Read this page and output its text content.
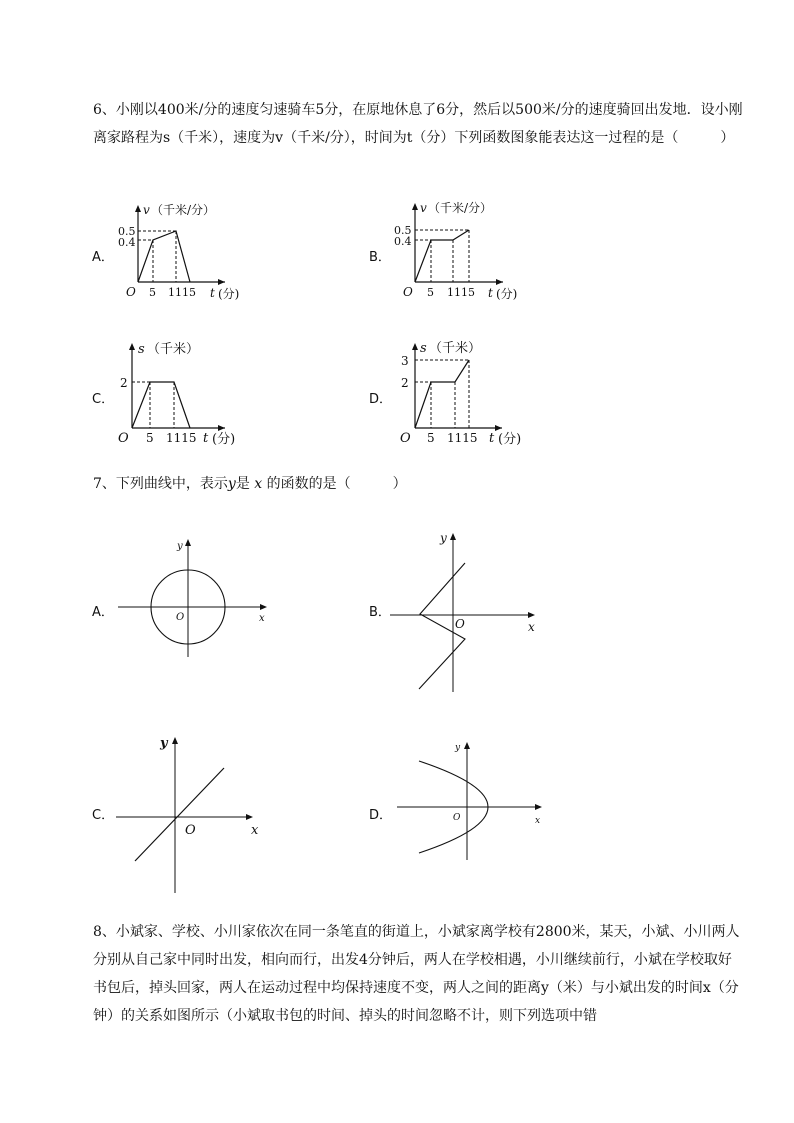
6、小刚以400米/分的速度匀速骑车5分，在原地休息了6分，然后以500米/分的速度骑回出发地．设小刚离家路程为s（千米），速度为v（千米/分），时间为t（分）下列函数图象能表达这一过程的是（　　　）

A．
v （千米/分）
0.5
0.4
5 1115
O	t (分)
B．
v （千米/分）
0.5
0.4
5 1115
O	t (分)
C．
s （千米）
2
5 1115
O	t (分)
D．
s （千米）
3
2
5 1115
O	t (分)

7、下列曲线中，表示y是 x 的函数的是（　　　）

A．
y
x
O	B．
y
x
O
C．
y
x
O
D．
y
x
O

8、小斌家、学校、小川家依次在同一条笔直的街道上，小斌家离学校有2800米，某天，小斌、小川两人分别从自己家中同时出发，相向而行，出发4分钟后，两人在学校相遇，小川继续前行，小斌在学校取好书包后，掉头回家，两人在运动过程中均保持速度不变，两人之间的距离y（米）与小斌出发的时间x（分钟）的关系如图所示（小斌取书包的时间、掉头的时间忽略不计，则下列选项中错
